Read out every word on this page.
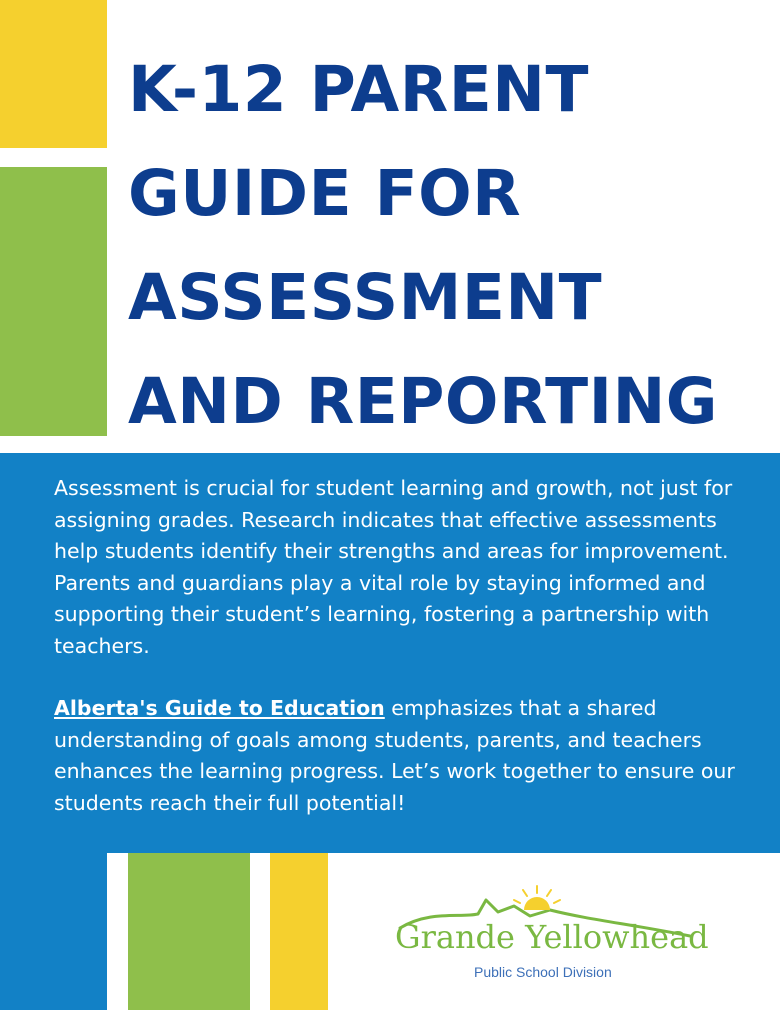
K-12 PARENT
GUIDE FOR
ASSESSMENT
AND REPORTING

Assessment is crucial for student learning and growth, not just for assigning grades. Research indicates that effective assessments help students identify their strengths and areas for improvement. Parents and guardians play a vital role by staying informed and supporting their student’s learning, fostering a partnership with teachers.

Alberta's Guide to Education emphasizes that a shared understanding of goals among students, parents, and teachers enhances the learning progress. Let’s work together to ensure our students reach their full potential!

Grande Yellowhead
Public School Division
